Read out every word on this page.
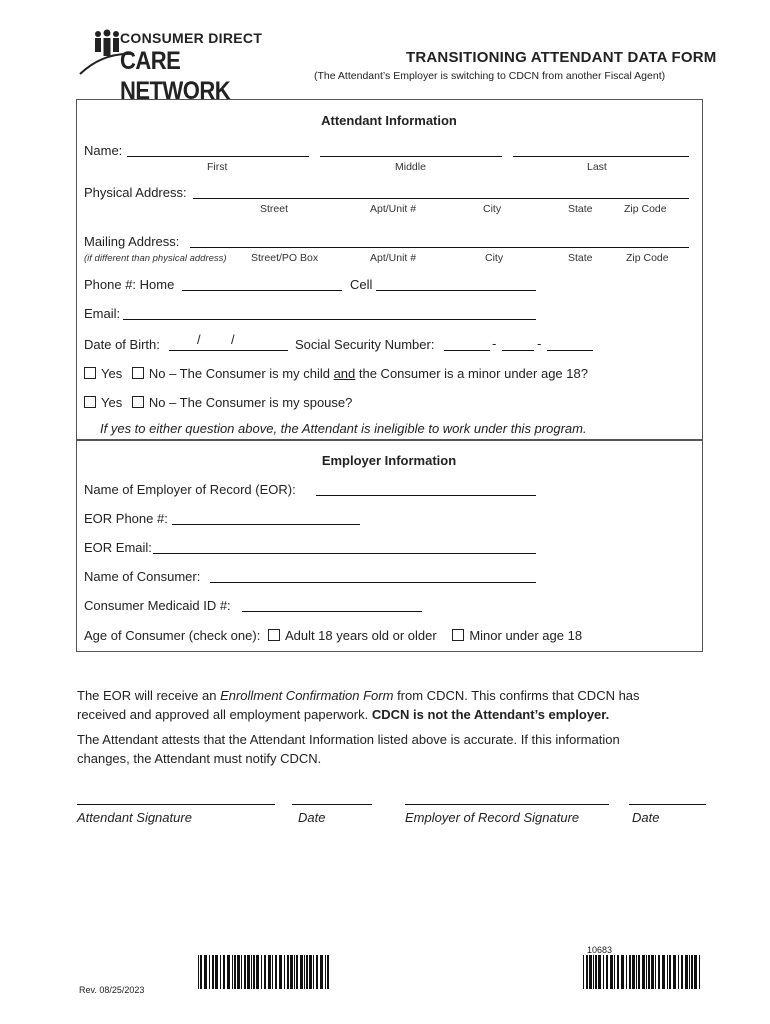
CONSUMER DIRECT
CARE NETWORK
TRANSITIONING ATTENDANT DATA FORM
(The Attendant’s Employer is switching to CDCN from another Fiscal Agent)
Attendant Information
Name:
First	Middle	Last
Physical Address:
Street	Apt/Unit #	City	State	Zip Code
Mailing Address:
(if different than physical address) Street/PO Box	Apt/Unit #	City	State	Zip Code
Phone #: Home	Cell
Email:
Date of Birth:	/ /	Social Security Number:	-	-
Yes No – The Consumer is my child and the Consumer is a minor under age 18?
Yes No – The Consumer is my spouse?
If yes to either question above, the Attendant is ineligible to work under this program.
Employer Information
Name of Employer of Record (EOR):
EOR Phone #:
EOR Email:
Name of Consumer:
Consumer Medicaid ID #:
Age of Consumer (check one): Adult 18 years old or older	Minor under age 18
The EOR will receive an Enrollment Confirmation Form from CDCN. This confirms that CDCN has
received and approved all employment paperwork. CDCN is not the Attendant’s employer.
The Attendant attests that the Attendant Information listed above is accurate. If this information
changes, the Attendant must notify CDCN.
Attendant Signature	Date	Employer of Record Signature	Date
Rev. 08/25/2023
10683
